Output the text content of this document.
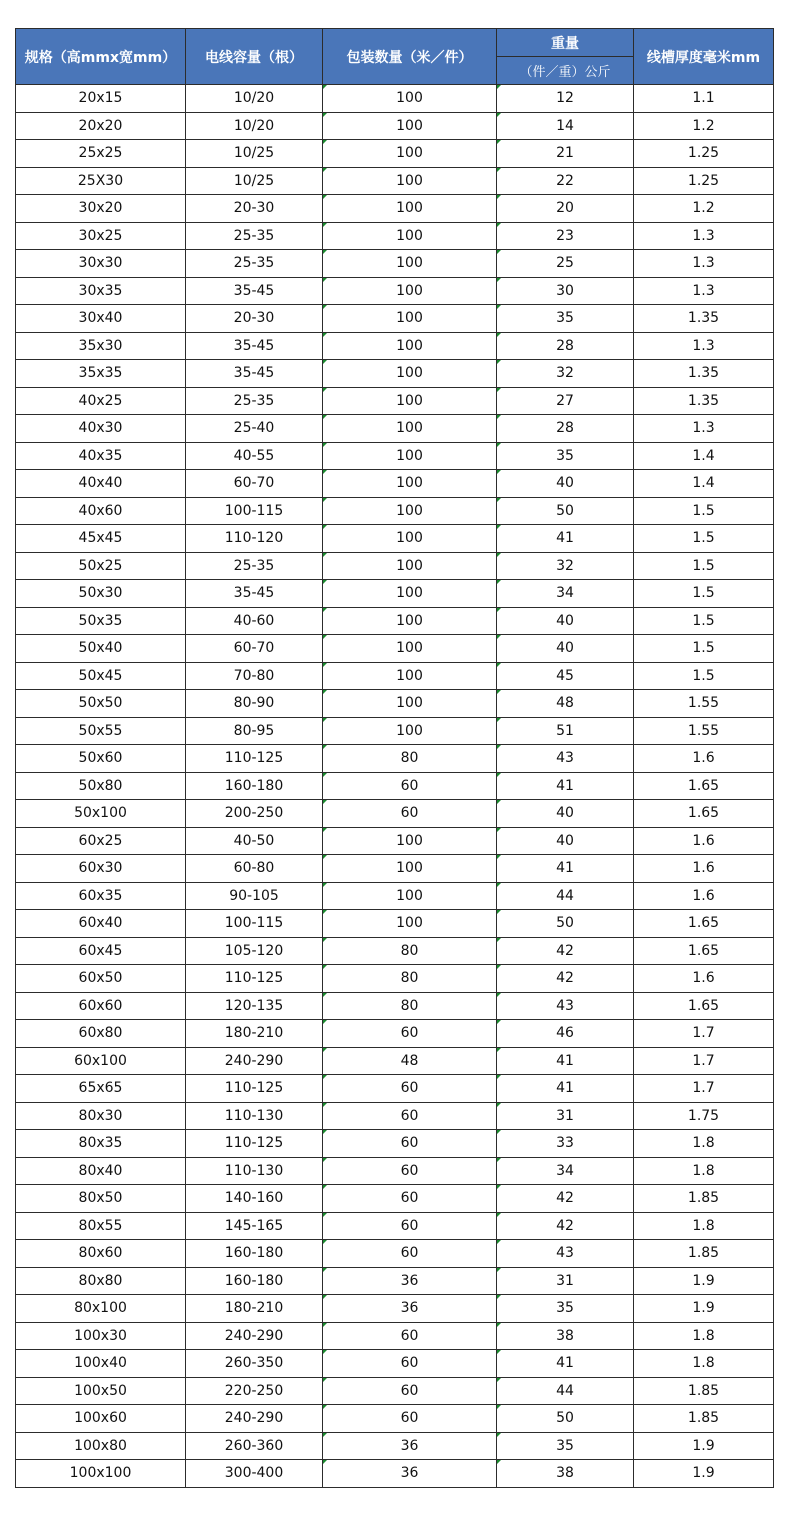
规格（高mmx宽mm）	电线容量（根）	包装数量（米／件）	重量	线槽厚度毫米mm
			（件／重）公斤	
20x15	10/20	100	12	1.1
20x20	10/20	100	14	1.2
25x25	10/25	100	21	1.25
25X30	10/25	100	22	1.25
30x20	20-30	100	20	1.2
30x25	25-35	100	23	1.3
30x30	25-35	100	25	1.3
30x35	35-45	100	30	1.3
30x40	20-30	100	35	1.35
35x30	35-45	100	28	1.3
35x35	35-45	100	32	1.35
40x25	25-35	100	27	1.35
40x30	25-40	100	28	1.3
40x35	40-55	100	35	1.4
40x40	60-70	100	40	1.4
40x60	100-115	100	50	1.5
45x45	110-120	100	41	1.5
50x25	25-35	100	32	1.5
50x30	35-45	100	34	1.5
50x35	40-60	100	40	1.5
50x40	60-70	100	40	1.5
50x45	70-80	100	45	1.5
50x50	80-90	100	48	1.55
50x55	80-95	100	51	1.55
50x60	110-125	80	43	1.6
50x80	160-180	60	41	1.65
50x100	200-250	60	40	1.65
60x25	40-50	100	40	1.6
60x30	60-80	100	41	1.6
60x35	90-105	100	44	1.6
60x40	100-115	100	50	1.65
60x45	105-120	80	42	1.65
60x50	110-125	80	42	1.6
60x60	120-135	80	43	1.65
60x80	180-210	60	46	1.7
60x100	240-290	48	41	1.7
65x65	110-125	60	41	1.7
80x30	110-130	60	31	1.75
80x35	110-125	60	33	1.8
80x40	110-130	60	34	1.8
80x50	140-160	60	42	1.85
80x55	145-165	60	42	1.8
80x60	160-180	60	43	1.85
80x80	160-180	36	31	1.9
80x100	180-210	36	35	1.9
100x30	240-290	60	38	1.8
100x40	260-350	60	41	1.8
100x50	220-250	60	44	1.85
100x60	240-290	60	50	1.85
100x80	260-360	36	35	1.9
100x100	300-400	36	38	1.9
